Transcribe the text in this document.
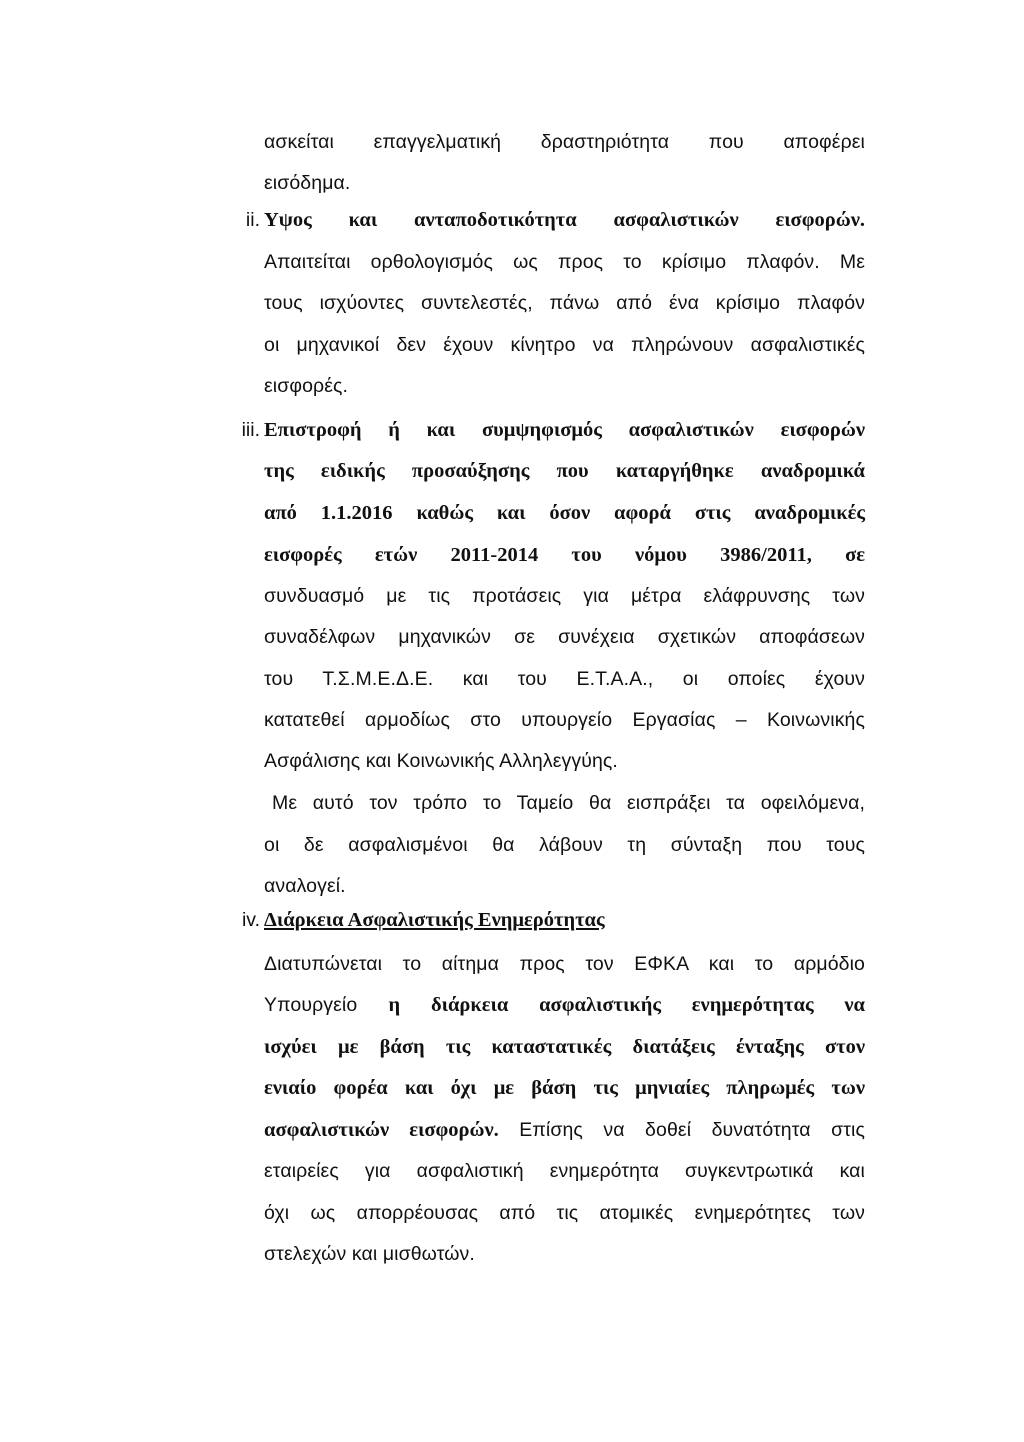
ασκείται επαγγελματική δραστηριότητα που αποφέρει
εισόδημα.
ii. Υψος και ανταποδοτικότητα ασφαλιστικών εισφορών.
Απαιτείται ορθολογισμός ως προς το κρίσιμο πλαφόν. Με
τους ισχύοντες συντελεστές, πάνω από ένα κρίσιμο πλαφόν
οι μηχανικοί δεν έχουν κίνητρο να πληρώνουν ασφαλιστικές
εισφορές.
iii. Επιστροφή ή και συμψηφισμός ασφαλιστικών εισφορών
της ειδικής προσαύξησης που καταργήθηκε αναδρομικά
από 1.1.2016 καθώς και όσον αφορά στις αναδρομικές
εισφορές ετών 2011-2014 του νόμου 3986/2011, σε
συνδυασμό με τις προτάσεις για μέτρα ελάφρυνσης των
συναδέλφων μηχανικών σε συνέχεια σχετικών αποφάσεων
του Τ.Σ.Μ.Ε.Δ.Ε. και του Ε.Τ.Α.Α., οι οποίες έχουν
κατατεθεί αρμοδίως στο υπουργείο Εργασίας – Κοινωνικής
Ασφάλισης και Κοινωνικής Αλληλεγγύης.
Με αυτό τον τρόπο το Ταμείο θα εισπράξει τα οφειλόμενα,
οι δε ασφαλισμένοι θα λάβουν τη σύνταξη που τους
αναλογεί.
iv. Διάρκεια Ασφαλιστικής Ενημερότητας
Διατυπώνεται το αίτημα προς τον ΕΦΚΑ και το αρμόδιο
Υπουργείο η διάρκεια ασφαλιστικής ενημερότητας να
ισχύει με βάση τις καταστατικές διατάξεις ένταξης στον
ενιαίο φορέα και όχι με βάση τις μηνιαίες πληρωμές των
ασφαλιστικών εισφορών. Επίσης να δοθεί δυνατότητα στις
εταιρείες για ασφαλιστική ενημερότητα συγκεντρωτικά και
όχι ως απορρέουσας από τις ατομικές ενημερότητες των
στελεχών και μισθωτών.
